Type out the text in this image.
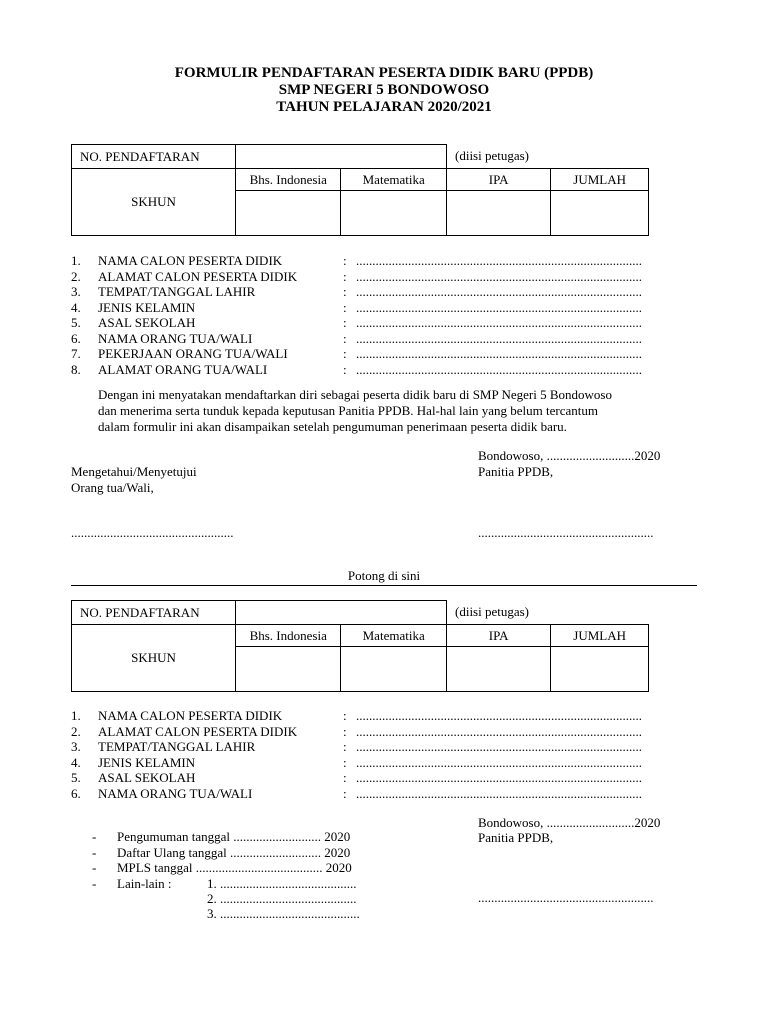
FORMULIR PENDAFTARAN PESERTA DIDIK BARU (PPDB)
SMP NEGERI 5 BONDOWOSO
TAHUN PELAJARAN 2020/2021
NO. PENDAFTARAN			(diisi petugas)	
SKHUN	Bhs. Indonesia	Matematika	IPA	JUMLAH

1. NAMA CALON PESERTA DIDIK	: ........................................................................................
2. ALAMAT CALON PESERTA DIDIK	: ........................................................................................
3. TEMPAT/TANGGAL LAHIR	: ........................................................................................
4. JENIS KELAMIN	: ........................................................................................
5. ASAL SEKOLAH	: ........................................................................................
6. NAMA ORANG TUA/WALI	: ........................................................................................
7. PEKERJAAN ORANG TUA/WALI	: ........................................................................................
8. ALAMAT ORANG TUA/WALI	: ........................................................................................
Dengan ini menyatakan mendaftarkan diri sebagai peserta didik baru di SMP Negeri 5 Bondowoso
dan menerima serta tunduk kepada keputusan Panitia PPDB. Hal-hal lain yang belum tercantum
dalam formulir ini akan disampaikan setelah pengumuman penerimaan peserta didik baru.
Bondowoso, ...........................2020
Panitia PPDB,
Mengetahui/Menyetujui
Orang tua/Wali,
..................................................	......................................................
Potong di sini
NO. PENDAFTARAN			(diisi petugas)	
SKHUN	Bhs. Indonesia	Matematika	IPA	JUMLAH

1. NAMA CALON PESERTA DIDIK	: ........................................................................................
2. ALAMAT CALON PESERTA DIDIK	: ........................................................................................
3. TEMPAT/TANGGAL LAHIR	: ........................................................................................
4. JENIS KELAMIN	: ........................................................................................
5. ASAL SEKOLAH	: ........................................................................................
6. NAMA ORANG TUA/WALI	: ........................................................................................
Bondowoso, ...........................2020
Panitia PPDB,
......................................................
- Pengumuman tanggal ........................... 2020
- Daftar Ulang tanggal ............................ 2020
- MPLS tanggal ....................................... 2020
- Lain-lain :	1. ..........................................
2. ..........................................
3. ...........................................
